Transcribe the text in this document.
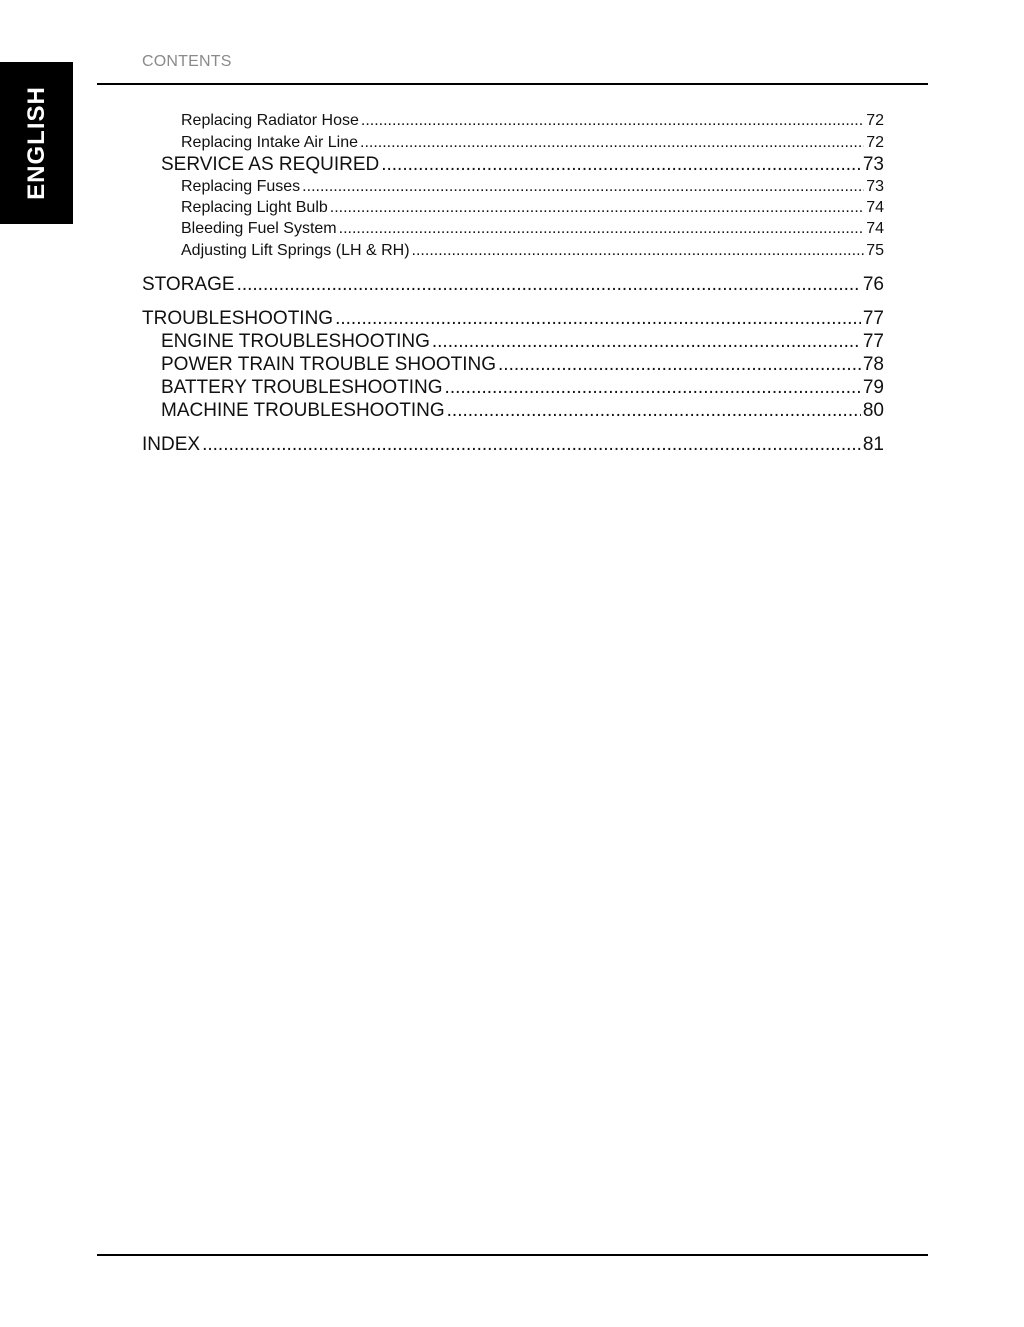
ENGLISH
CONTENTS
Replacing Radiator Hose .....	72
Replacing Intake Air Line .....	72
SERVICE AS REQUIRED .....	73
Replacing Fuses .....	73
Replacing Light Bulb .....	74
Bleeding Fuel System .....	74
Adjusting Lift Springs (LH & RH) .....	75
STORAGE .....	76
TROUBLESHOOTING .....	77
ENGINE TROUBLESHOOTING .....	77
POWER TRAIN TROUBLE SHOOTING .....	78
BATTERY TROUBLESHOOTING .....	79
MACHINE TROUBLESHOOTING .....	80
INDEX .....	81
